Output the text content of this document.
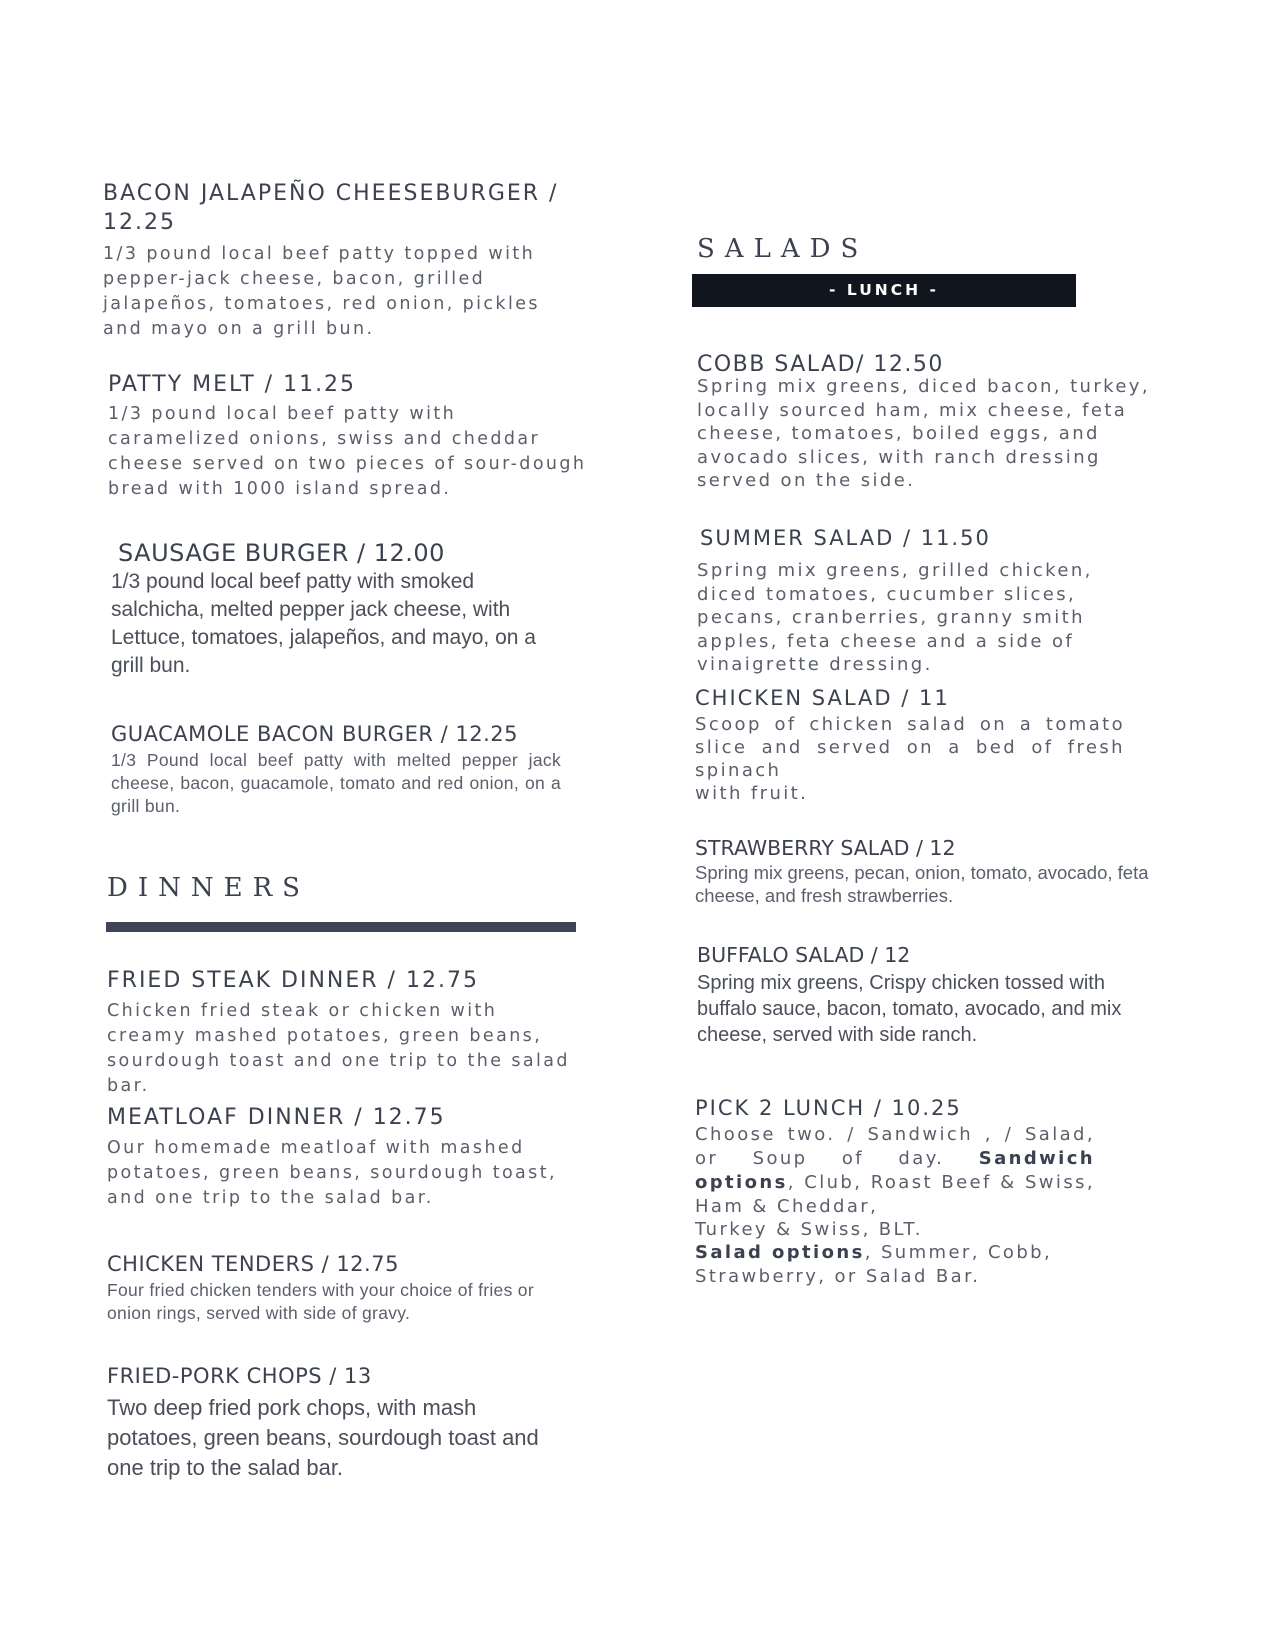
BACON JALAPEÑO CHEESEBURGER / 12.25

1/3 pound local beef patty topped with pepper-jack cheese, bacon, grilled jalapeños, tomatoes, red onion, pickles and mayo on a grill bun.

PATTY MELT / 11.25

1/3 pound local beef patty with caramelized onions, swiss and cheddar cheese served on two pieces of sour-dough bread with 1000 island spread.

SAUSAGE BURGER / 12.00

1/3 pound local beef patty with smoked salchicha, melted pepper jack cheese, with Lettuce, tomatoes, jalapeños, and mayo, on a grill bun.

GUACAMOLE BACON BURGER / 12.25

1/3 Pound local beef patty with melted pepper jack cheese, bacon, guacamole, tomato and red onion, on a grill bun.

DINNERS

FRIED STEAK DINNER / 12.75

Chicken fried steak or chicken with creamy mashed potatoes, green beans, sourdough toast and one trip to the salad bar.

MEATLOAF DINNER / 12.75

Our homemade meatloaf with mashed potatoes, green beans, sourdough toast, and one trip to the salad bar.

CHICKEN TENDERS / 12.75

Four fried chicken tenders with your choice of fries or onion rings, served with side of gravy.

FRIED-PORK CHOPS / 13

Two deep fried pork chops, with mash potatoes, green beans, sourdough toast and one trip to the salad bar.

SALADS

- LUNCH -

COBB SALAD/ 12.50

Spring mix greens, diced bacon, turkey, locally sourced ham, mix cheese, feta cheese, tomatoes, boiled eggs, and avocado slices, with ranch dressing served on the side.

SUMMER SALAD / 11.50

Spring mix greens, grilled chicken, diced tomatoes, cucumber slices, pecans, cranberries, granny smith apples, feta cheese and a side of vinaigrette dressing.

CHICKEN SALAD / 11

Scoop of chicken salad on a tomato slice and served on a bed of fresh spinach

with fruit.

STRAWBERRY SALAD / 12

Spring mix greens, pecan, onion, tomato, avocado, feta cheese, and fresh strawberries.

BUFFALO SALAD / 12

Spring mix greens, Crispy chicken tossed with buffalo sauce, bacon, tomato, avocado, and mix cheese, served with side ranch.

PICK 2 LUNCH / 10.25

Choose two. / Sandwich , / Salad, or Soup of day. Sandwich options, Club, Roast Beef & Swiss, Ham & Cheddar,

Turkey & Swiss, BLT.

Salad options, Summer, Cobb, Strawberry, or Salad Bar.
